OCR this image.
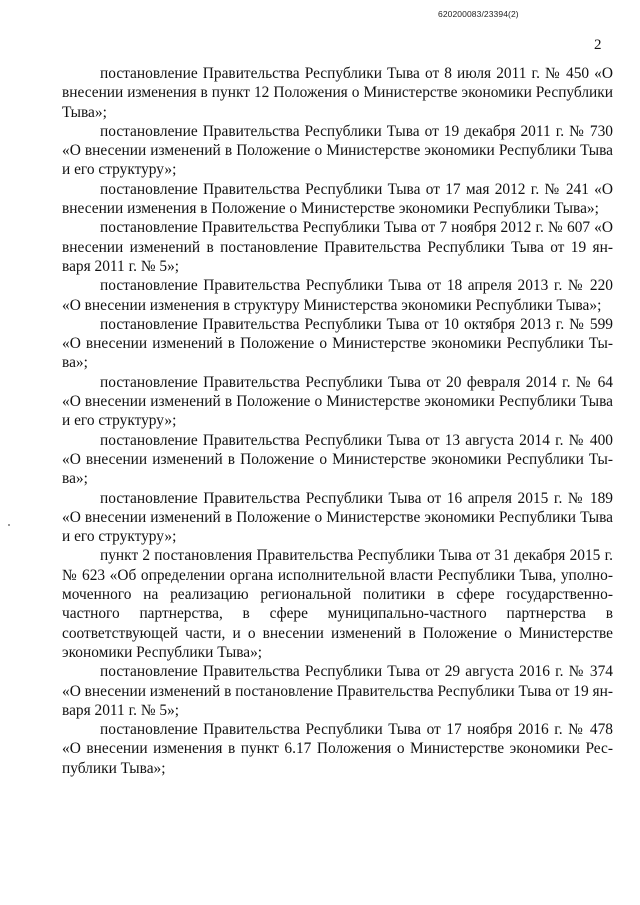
620200083/23394(2)
2

постановление Правительства Республики Тыва от 8 июля 2011 г. № 450 «О внесении изменения в пункт 12 Положения о Министерстве экономики Республики Тыва»;

постановление Правительства Республики Тыва от 19 декабря 2011 г. № 730 «О внесении изменений в Положение о Министерстве экономики Республики Тыва и его структуру»;

постановление Правительства Республики Тыва от 17 мая 2012 г. № 241 «О внесении изменения в Положение о Министерстве экономики Республики Тыва»;

постановление Правительства Республики Тыва от 7 ноября 2012 г. № 607 «О внесении изменений в постановление Правительства Республики Тыва от 19 января 2011 г. № 5»;

постановление Правительства Республики Тыва от 18 апреля 2013 г. № 220 «О внесении изменения в структуру Министерства экономики Республики Тыва»;

постановление Правительства Республики Тыва от 10 октября 2013 г. № 599 «О внесении изменений в Положение о Министерстве экономики Республики Тыва»;

постановление Правительства Республики Тыва от 20 февраля 2014 г. № 64 «О внесении изменений в Положение о Министерстве экономики Республики Тыва и его структуру»;

постановление Правительства Республики Тыва от 13 августа 2014 г. № 400 «О внесении изменений в Положение о Министерстве экономики Республики Тыва»;

постановление Правительства Республики Тыва от 16 апреля 2015 г. № 189 «О внесении изменений в Положение о Министерстве экономики Республики Тыва и его структуру»;

пункт 2 постановления Правительства Республики Тыва от 31 декабря 2015 г. № 623 «Об определении органа исполнительной власти Республики Тыва, уполномоченного на реализацию региональной политики в сфере государственно-частного партнерства, в сфере муниципально-частного партнерства в соответствующей части, и о внесении изменений в Положение о Министерстве экономики Республики Тыва»;

постановление Правительства Республики Тыва от 29 августа 2016 г. № 374 «О внесении изменений в постановление Правительства Республики Тыва от 19 января 2011 г. № 5»;

постановление Правительства Республики Тыва от 17 ноября 2016 г. № 478 «О внесении изменения в пункт 6.17 Положения о Министерстве экономики Республики Тыва»;
